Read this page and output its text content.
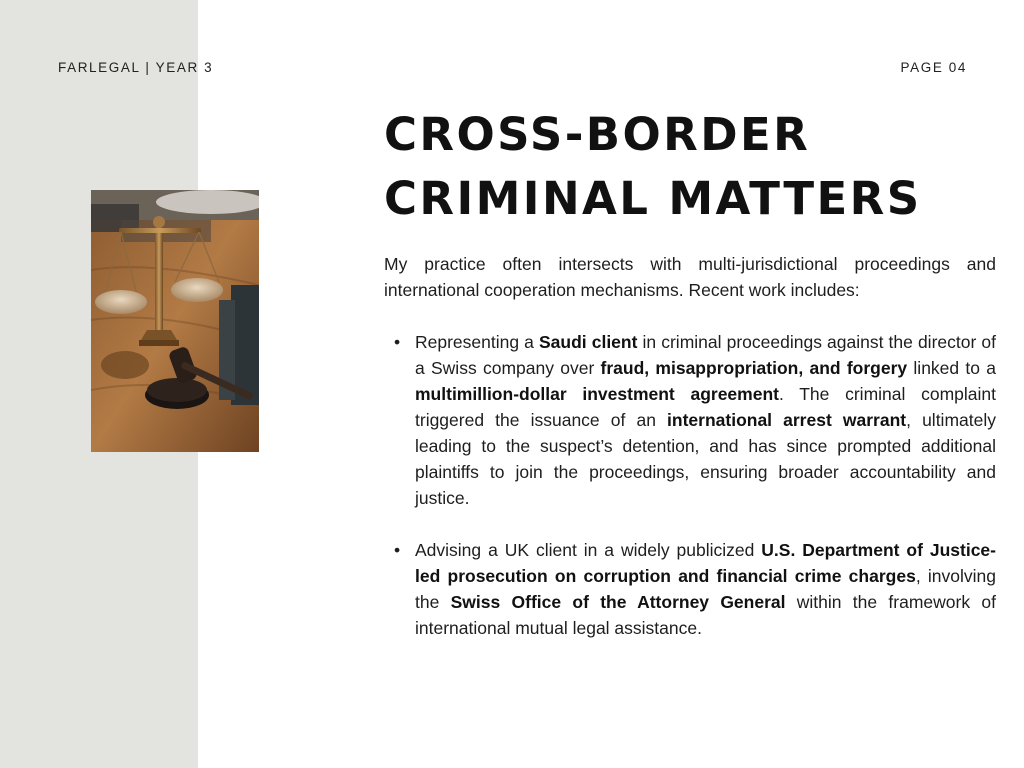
FARLEGAL | YEAR 3	PAGE 04
CROSS-BORDER
CRIMINAL MATTERS

My practice often intersects with multi-jurisdictional proceedings and international cooperation mechanisms. Recent work includes:

• Representing a Saudi client in criminal proceedings against the director of a Swiss company over fraud, misappropriation, and forgery linked to a multimillion-dollar investment agreement. The criminal complaint triggered the issuance of an international arrest warrant, ultimately leading to the suspect’s detention, and has since prompted additional plaintiffs to join the proceedings, ensuring broader accountability and justice.
• Advising a UK client in a widely publicized U.S. Department of Justice-led prosecution on corruption and financial crime charges, involving the Swiss Office of the Attorney General within the framework of international mutual legal assistance.
